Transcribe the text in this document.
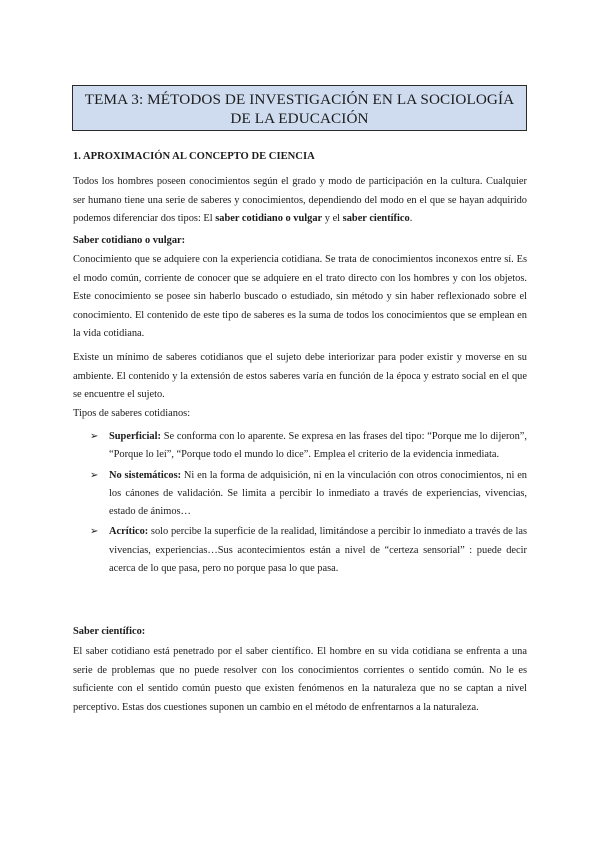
TEMA 3: MÉTODOS DE INVESTIGACIÓN EN LA SOCIOLOGÍA
DE LA EDUCACIÓN
1. APROXIMACIÓN AL CONCEPTO DE CIENCIA
Todos los hombres poseen conocimientos según el grado y modo de participación en la cultura. Cualquier ser humano tiene una serie de saberes y conocimientos, dependiendo del modo en el que se hayan adquirido podemos diferenciar dos tipos: El saber cotidiano o vulgar y el saber científico.
Saber cotidiano o vulgar:
Conocimiento que se adquiere con la experiencia cotidiana. Se trata de conocimientos inconexos entre sí. Es el modo común, corriente de conocer que se adquiere en el trato directo con los hombres y con los objetos. Este conocimiento se posee sin haberlo buscado o estudiado, sin método y sin haber reflexionado sobre el conocimiento. El contenido de este tipo de saberes es la suma de todos los conocimientos que se emplean en la vida cotidiana.
Existe un mínimo de saberes cotidianos que el sujeto debe interiorizar para poder existir y moverse en su ambiente. El contenido y la extensión de estos saberes varía en función de la época y estrato social en el que se encuentre el sujeto.
Tipos de saberes cotidianos:
➢ Superficial: Se conforma con lo aparente. Se expresa en las frases del tipo: “Porque me lo dijeron”, “Porque lo leí”, “Porque todo el mundo lo dice”. Emplea el criterio de la evidencia inmediata.
➢ No sistemáticos: Ni en la forma de adquisición, ni en la vinculación con otros conocimientos, ni en los cánones de validación. Se limita a percibir lo inmediato a través de experiencias, vivencias, estado de ánimos…
➢ Acrítico: solo percibe la superficie de la realidad, limitándose a percibir lo inmediato a través de las vivencias, experiencias…Sus acontecimientos están a nivel de “certeza sensorial” : puede decir acerca de lo que pasa, pero no porque pasa lo que pasa.
Saber científico:
El saber cotidiano está penetrado por el saber científico. El hombre en su vida cotidiana se enfrenta a una serie de problemas que no puede resolver con los conocimientos corrientes o sentido común. No le es suficiente con el sentido común puesto que existen fenómenos en la naturaleza que no se captan a nivel perceptivo. Estas dos cuestiones suponen un cambio en el método de enfrentarnos a la naturaleza.
